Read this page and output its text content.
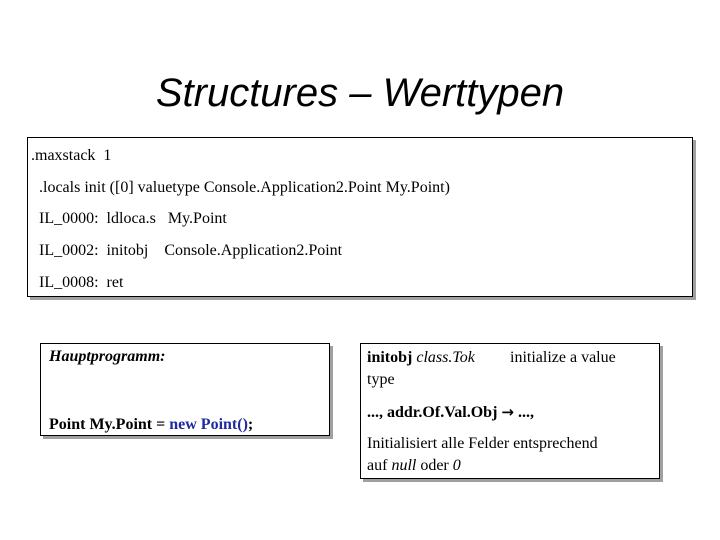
Structures – Werttypen
.maxstack  1
.locals init ([0] valuetype Console.Application2.Point My.Point)
IL_0000:  ldloca.s   My.Point
IL_0002:  initobj    Console.Application2.Point
IL_0008:  ret
Hauptprogramm:
Point My.Point = new Point();
initobj class.Tok initialize a value
type
..., addr.Of.Val.Obj → ...,
Initialisiert alle Felder entsprechend
auf null oder 0
